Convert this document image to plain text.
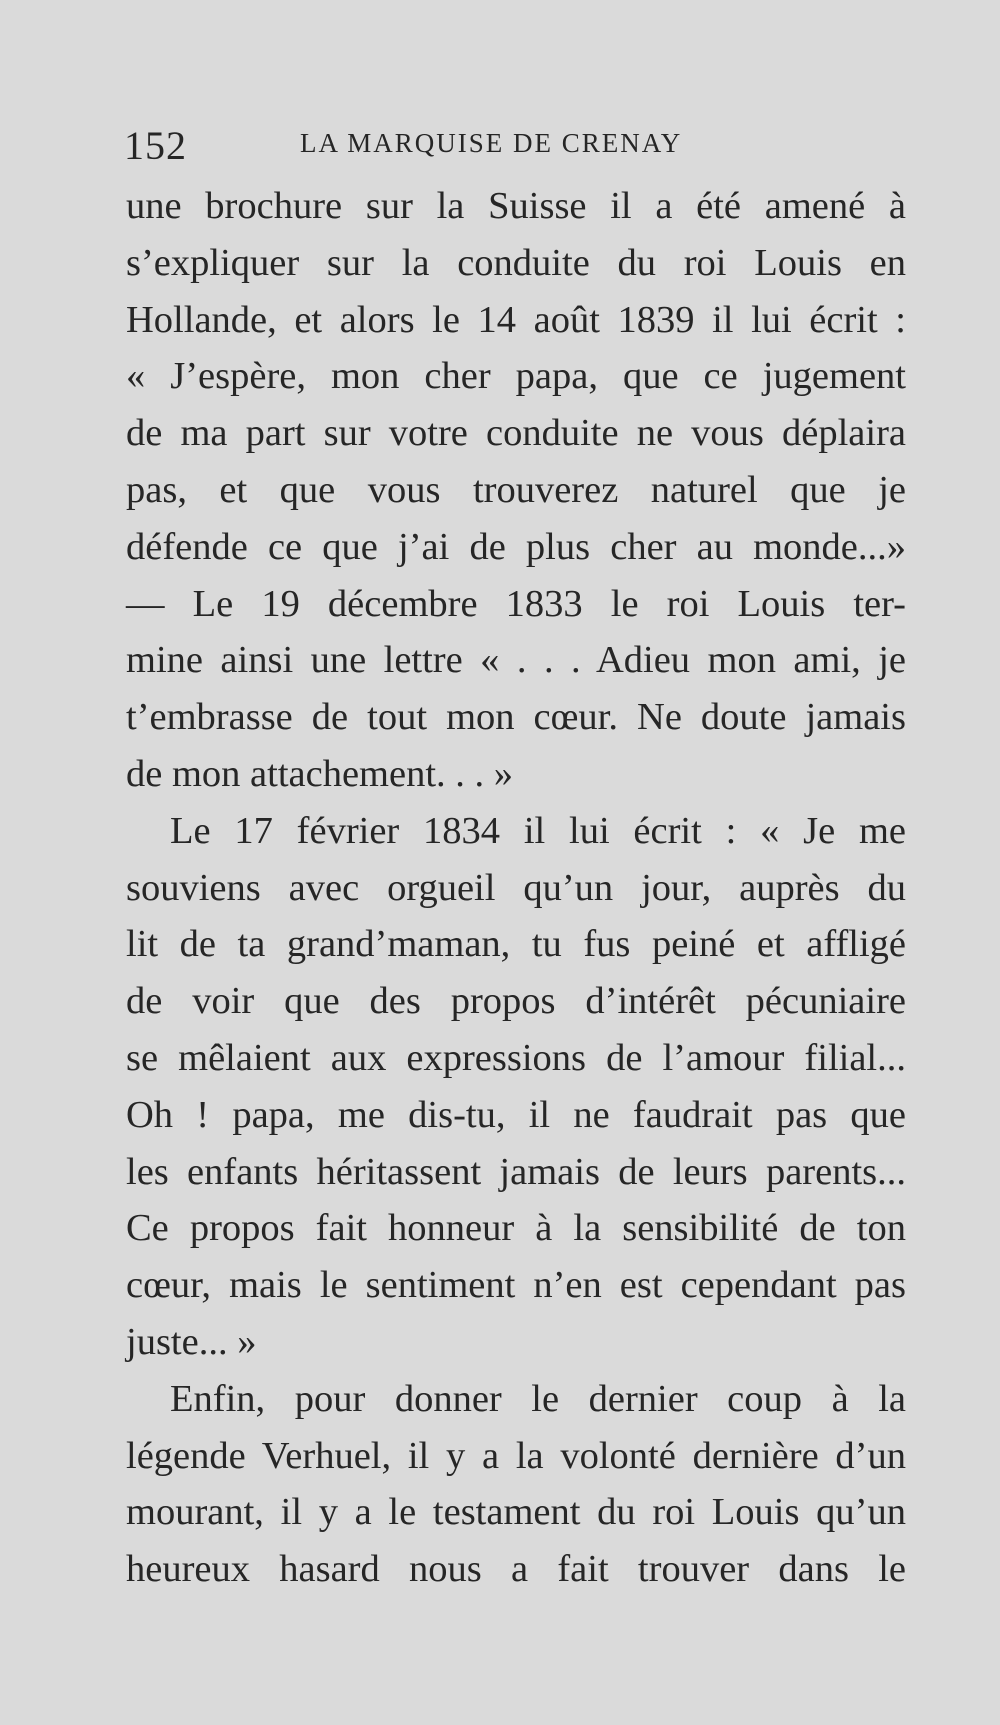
152	LA MARQUISE DE CRENAY
une brochure sur la Suisse il a été amené à
s’expliquer sur la conduite du roi Louis en
Hollande, et alors le 14 août 1839 il lui écrit :
« J’espère, mon cher papa, que ce jugement
de ma part sur votre conduite ne vous déplaira
pas, et que vous trouverez naturel que je
défende ce que j’ai de plus cher au monde...»
— Le 19 décembre 1833 le roi Louis ter-
mine ainsi une lettre « . . . Adieu mon ami, je
t’embrasse de tout mon cœur. Ne doute jamais
de mon attachement. . . »
Le 17 février 1834 il lui écrit : « Je me
souviens avec orgueil qu’un jour, auprès du
lit de ta grand’maman, tu fus peiné et affligé
de voir que des propos d’intérêt pécuniaire
se mêlaient aux expressions de l’amour filial...
Oh ! papa, me dis-tu, il ne faudrait pas que
les enfants héritassent jamais de leurs parents...
Ce propos fait honneur à la sensibilité de ton
cœur, mais le sentiment n’en est cependant pas
juste... »
Enfin, pour donner le dernier coup à la
légende Verhuel, il y a la volonté dernière d’un
mourant, il y a le testament du roi Louis qu’un
heureux hasard nous a fait trouver dans le
